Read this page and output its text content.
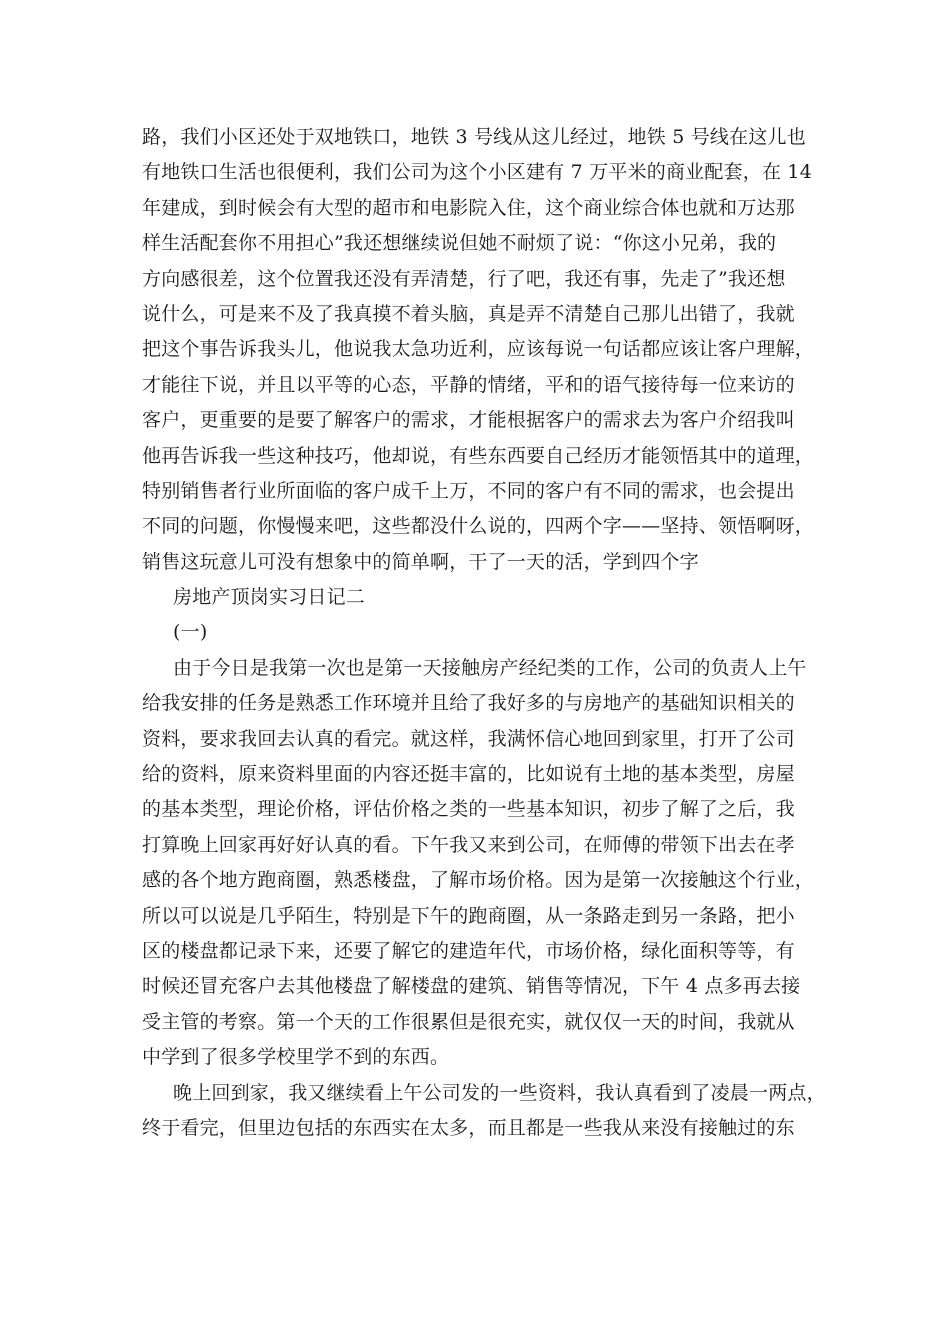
路，我们小区还处于双地铁口，地铁 3 号线从这儿经过，地铁 5 号线在这儿也
有地铁口生活也很便利，我们公司为这个小区建有 7 万平米的商业配套，在 14
年建成，到时候会有大型的超市和电影院入住，这个商业综合体也就和万达那
样生活配套你不用担心”我还想继续说但她不耐烦了说：“你这小兄弟，我的
方向感很差，这个位置我还没有弄清楚，行了吧，我还有事，先走了”我还想
说什么，可是来不及了我真摸不着头脑，真是弄不清楚自己那儿出错了，我就
把这个事告诉我头儿，他说我太急功近利，应该每说一句话都应该让客户理解，
才能往下说，并且以平等的心态，平静的情绪，平和的语气接待每一位来访的
客户，更重要的是要了解客户的需求，才能根据客户的需求去为客户介绍我叫
他再告诉我一些这种技巧，他却说，有些东西要自己经历才能领悟其中的道理，
特别销售者行业所面临的客户成千上万，不同的客户有不同的需求，也会提出
不同的问题，你慢慢来吧，这些都没什么说的，四两个字——坚持、领悟啊呀，
销售这玩意儿可没有想象中的简单啊，干了一天的活，学到四个字
房地产顶岗实习日记二
(一)
由于今日是我第一次也是第一天接触房产经纪类的工作，公司的负责人上午
给我安排的任务是熟悉工作环境并且给了我好多的与房地产的基础知识相关的
资料，要求我回去认真的看完。就这样，我满怀信心地回到家里，打开了公司
给的资料，原来资料里面的内容还挺丰富的，比如说有土地的基本类型，房屋
的基本类型，理论价格，评估价格之类的一些基本知识，初步了解了之后，我
打算晚上回家再好好认真的看。下午我又来到公司，在师傅的带领下出去在孝
感的各个地方跑商圈，熟悉楼盘，了解市场价格。因为是第一次接触这个行业，
所以可以说是几乎陌生，特别是下午的跑商圈，从一条路走到另一条路，把小
区的楼盘都记录下来，还要了解它的建造年代，市场价格，绿化面积等等，有
时候还冒充客户去其他楼盘了解楼盘的建筑、销售等情况，下午 4 点多再去接
受主管的考察。第一个天的工作很累但是很充实，就仅仅一天的时间，我就从
中学到了很多学校里学不到的东西。
晚上回到家，我又继续看上午公司发的一些资料，我认真看到了凌晨一两点，
终于看完，但里边包括的东西实在太多，而且都是一些我从来没有接触过的东
